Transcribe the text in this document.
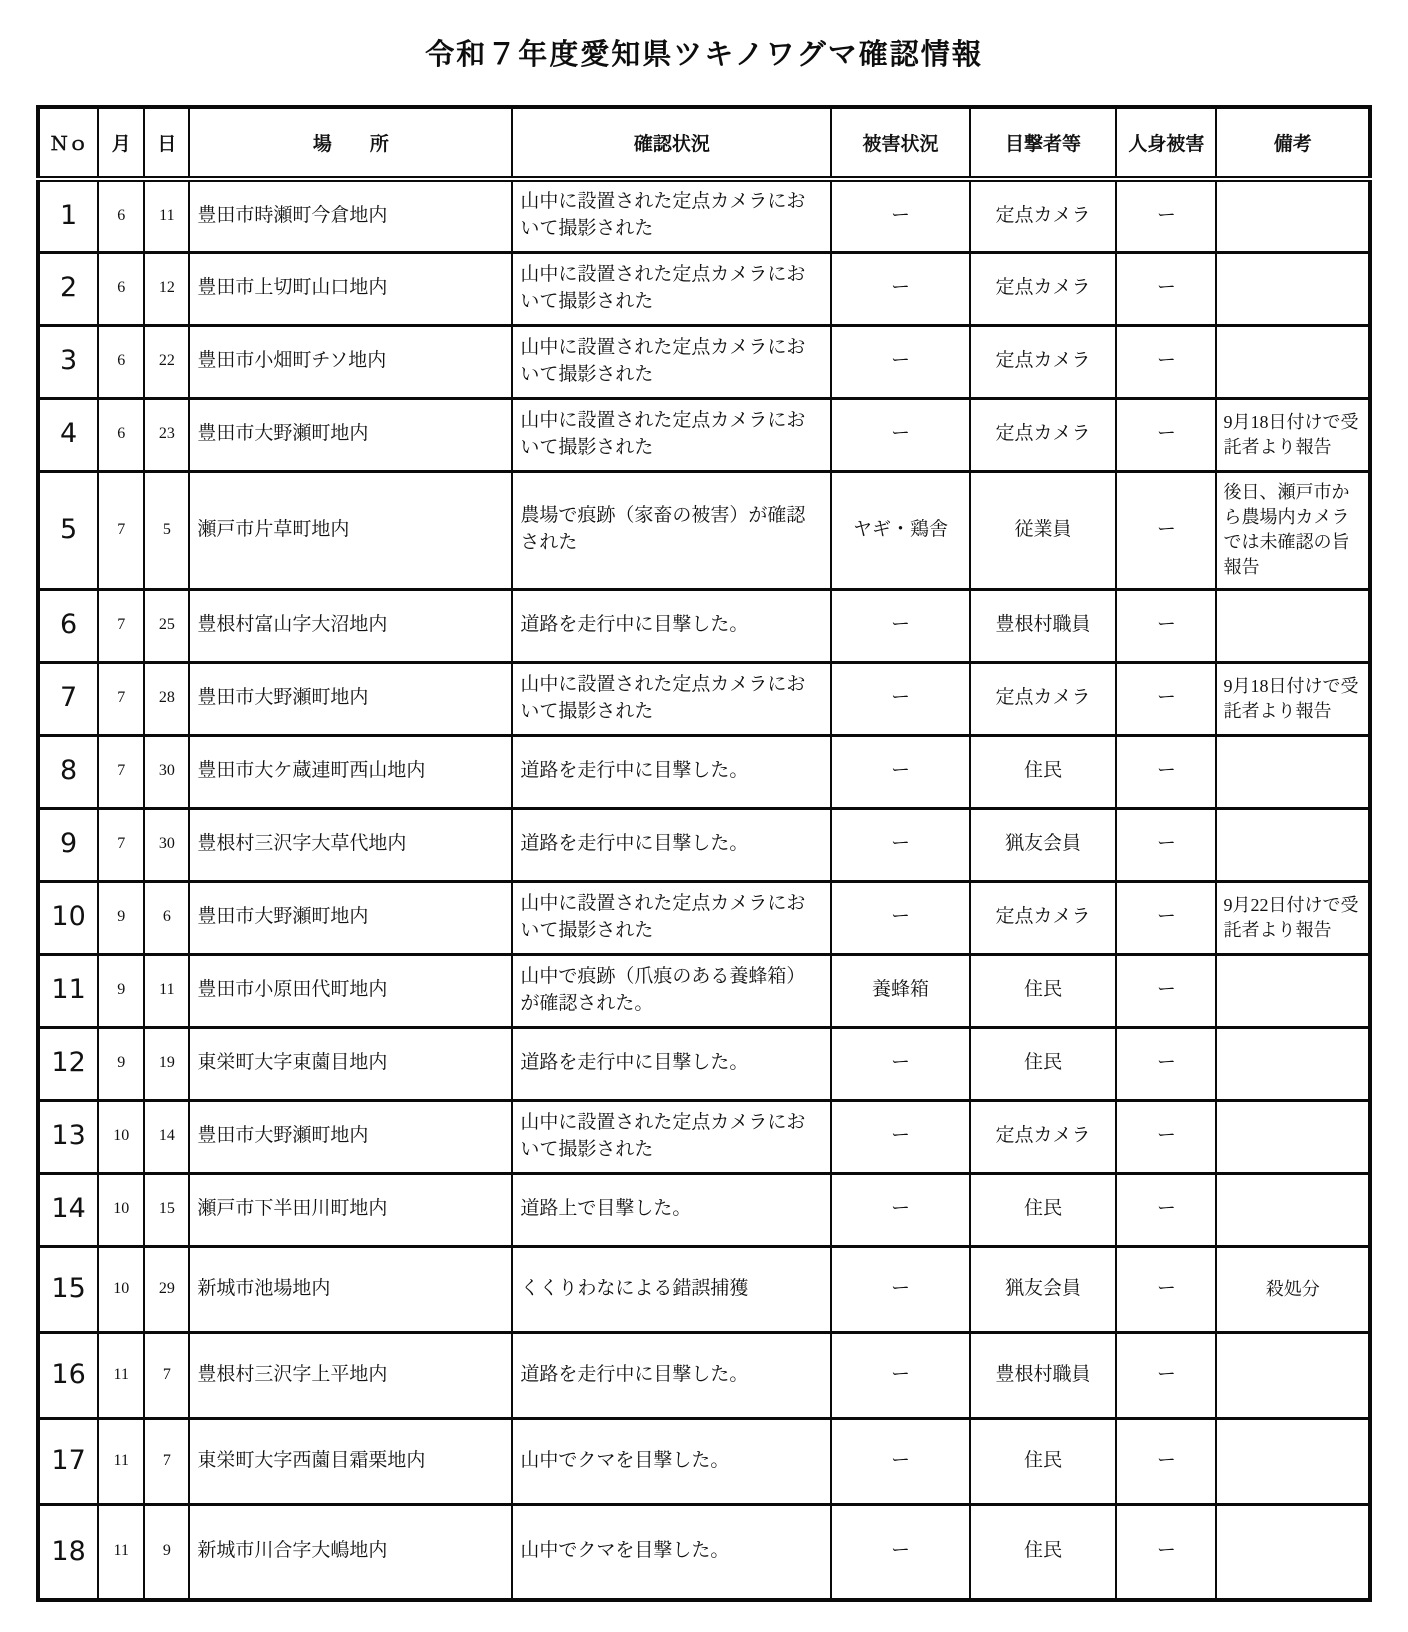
令和７年度愛知県ツキノワグマ確認情報
Ｎｏ	月	日	場　　所	確認状況	被害状況	目撃者等	人身被害	備考
1	6	11	豊田市時瀬町今倉地内	山中に設置された定点カメラにおいて撮影された	ー	定点カメラ	ー	
2	6	12	豊田市上切町山口地内	山中に設置された定点カメラにおいて撮影された	ー	定点カメラ	ー	
3	6	22	豊田市小畑町チソ地内	山中に設置された定点カメラにおいて撮影された	ー	定点カメラ	ー	
4	6	23	豊田市大野瀬町地内	山中に設置された定点カメラにおいて撮影された	ー	定点カメラ	ー	9月18日付けで受託者より報告
5	7	5	瀬戸市片草町地内	農場で痕跡（家畜の被害）が確認された	ヤギ・鶏舎	従業員	ー	後日、瀬戸市から農場内カメラでは未確認の旨報告
6	7	25	豊根村富山字大沼地内	道路を走行中に目撃した。	ー	豊根村職員	ー	
7	7	28	豊田市大野瀬町地内	山中に設置された定点カメラにおいて撮影された	ー	定点カメラ	ー	9月18日付けで受託者より報告
8	7	30	豊田市大ケ蔵連町西山地内	道路を走行中に目撃した。	ー	住民	ー	
9	7	30	豊根村三沢字大草代地内	道路を走行中に目撃した。	ー	猟友会員	ー	
10	9	6	豊田市大野瀬町地内	山中に設置された定点カメラにおいて撮影された	ー	定点カメラ	ー	9月22日付けで受託者より報告
11	9	11	豊田市小原田代町地内	山中で痕跡（爪痕のある養蜂箱）が確認された。	養蜂箱	住民	ー	
12	9	19	東栄町大字東薗目地内	道路を走行中に目撃した。	ー	住民	ー	
13	10	14	豊田市大野瀬町地内	山中に設置された定点カメラにおいて撮影された	ー	定点カメラ	ー	
14	10	15	瀬戸市下半田川町地内	道路上で目撃した。	ー	住民	ー	
15	10	29	新城市池場地内	くくりわなによる錯誤捕獲	ー	猟友会員	ー	殺処分
16	11	7	豊根村三沢字上平地内	道路を走行中に目撃した。	ー	豊根村職員	ー	
17	11	7	東栄町大字西薗目霜栗地内	山中でクマを目撃した。	ー	住民	ー	
18	11	9	新城市川合字大嶋地内	山中でクマを目撃した。	ー	住民	ー	
